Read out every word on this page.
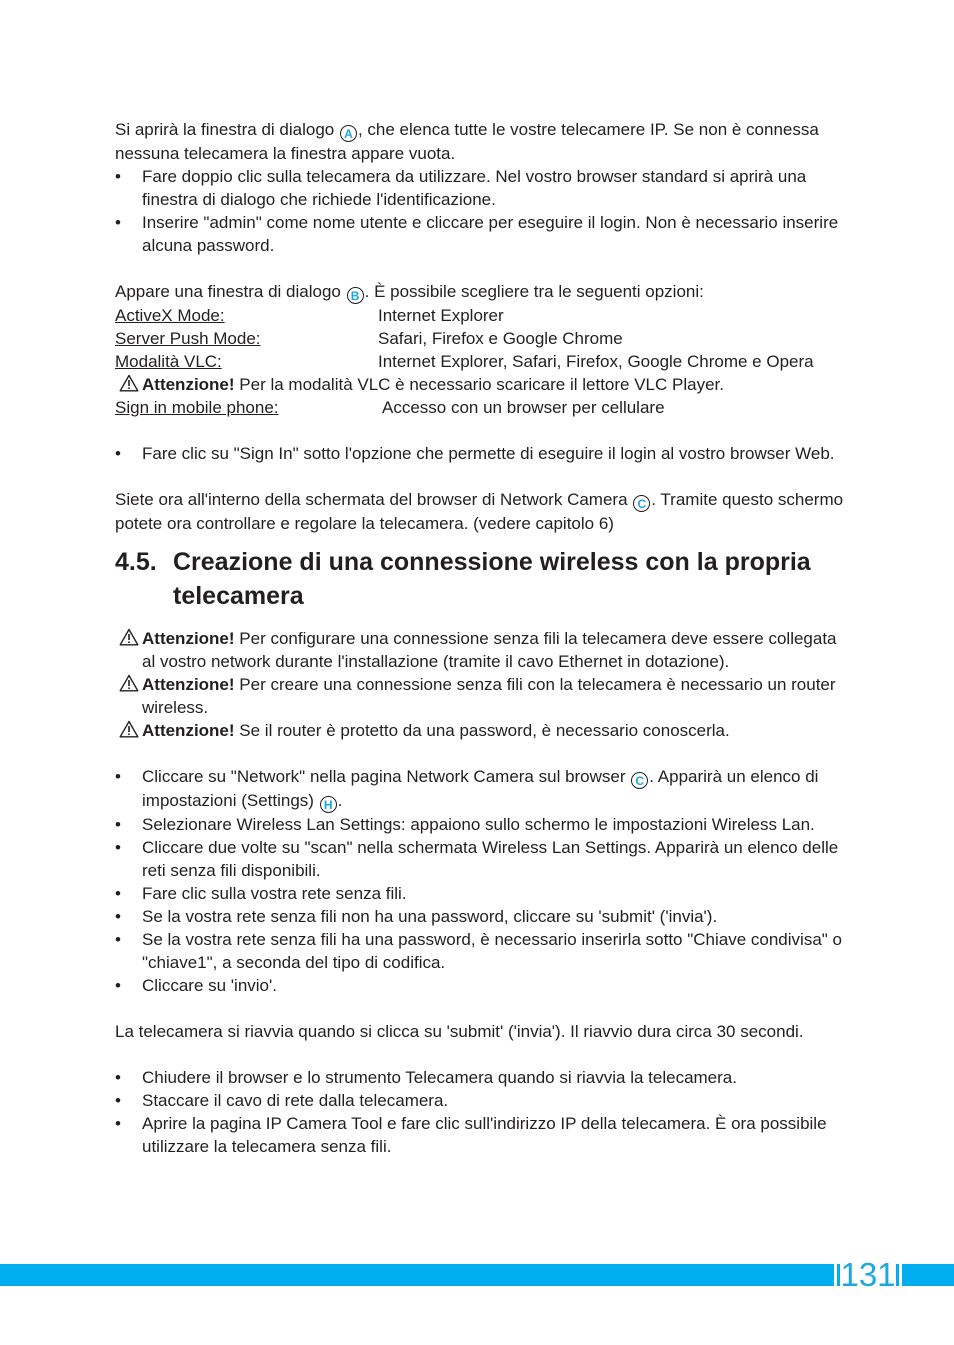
Si aprirà la finestra di dialogo A , che elenca tutte le vostre telecamere IP. Se non è connessa nessuna telecamera la finestra appare vuota.

• Fare doppio clic sulla telecamera da utilizzare. Nel vostro browser standard si aprirà una finestra di dialogo che richiede l'identificazione.

• Inserire "admin" come nome utente e cliccare per eseguire il login. Non è necessario inserire alcuna password.

Appare una finestra di dialogo B . È possibile scegliere tra le seguenti opzioni:

ActiveX Mode:	Internet Explorer
Server Push Mode:	Safari, Firefox e Google Chrome
Modalità VLC:	Internet Explorer, Safari, Firefox, Google Chrome e Opera

Attenzione! Per la modalità VLC è necessario scaricare il lettore VLC Player.

Sign in mobile phone:	Accesso con un browser per cellulare

• Fare clic su "Sign In" sotto l'opzione che permette di eseguire il login al vostro browser Web.

Siete ora all'interno della schermata del browser di Network Camera C . Tramite questo schermo potete ora controllare e regolare la telecamera. (vedere capitolo 6)

4.5. Creazione di una connessione wireless con la propria telecamera

Attenzione! Per configurare una connessione senza fili la telecamera deve essere collegata al vostro network durante l'installazione (tramite il cavo Ethernet in dotazione).

Attenzione! Per creare una connessione senza fili con la telecamera è necessario un router wireless.

Attenzione! Se il router è protetto da una password, è necessario conoscerla.

• Cliccare su "Network" nella pagina Network Camera sul browser C . Apparirà un elenco di impostazioni (Settings) H .

• Selezionare Wireless Lan Settings: appaiono sullo schermo le impostazioni Wireless Lan.

• Cliccare due volte su "scan" nella schermata Wireless Lan Settings. Apparirà un elenco delle reti senza fili disponibili.

• Fare clic sulla vostra rete senza fili.

• Se la vostra rete senza fili non ha una password, cliccare su 'submit' ('invia').

• Se la vostra rete senza fili ha una password, è necessario inserirla sotto "Chiave condivisa" o "chiave1", a seconda del tipo di codifica.

• Cliccare su 'invio'.

La telecamera si riavvia quando si clicca su 'submit' ('invia'). Il riavvio dura circa 30 secondi.

• Chiudere il browser e lo strumento Telecamera quando si riavvia la telecamera.

• Staccare il cavo di rete dalla telecamera.

• Aprire la pagina IP Camera Tool e fare clic sull'indirizzo IP della telecamera. È ora possibile utilizzare la telecamera senza fili.

131
